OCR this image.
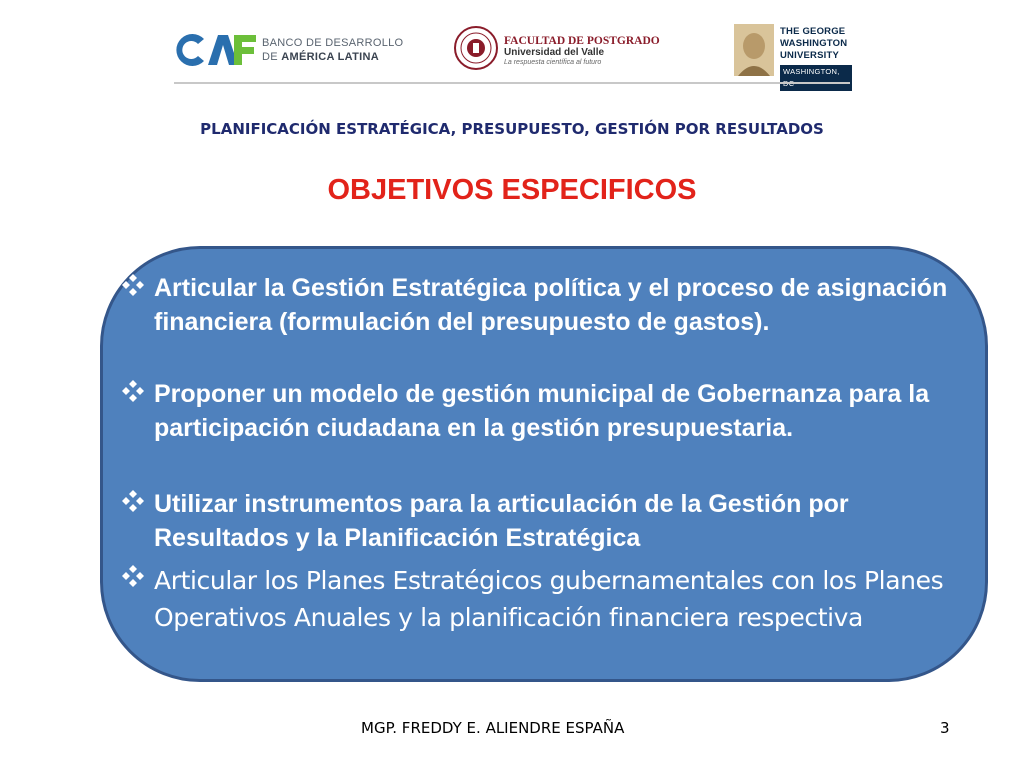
BANCO DE DESARROLLO
DE AMÉRICA LATINA
FACULTAD DE POSTGRADO
Universidad del Valle
La respuesta científica al futuro
THE GEORGE
WASHINGTON
UNIVERSITY
WASHINGTON,
PLANIFICACIÓN ESTRATÉGICA, PRESUPUESTO, GESTIÓN POR RESULTADOS
OBJETIVOS ESPECIFICOS
Articular la Gestión Estratégica política y el proceso de asignación financiera (formulación del presupuesto de gastos).
Proponer un modelo de gestión municipal de Gobernanza para la participación ciudadana en la gestión presupuestaria.
Utilizar instrumentos para la articulación de la Gestión por Resultados y la Planificación Estratégica
Articular los Planes Estratégicos gubernamentales con los Planes Operativos Anuales y la planificación financiera respectiva
MGP. FREDDY E. ALIENDRE ESPAÑA	3
